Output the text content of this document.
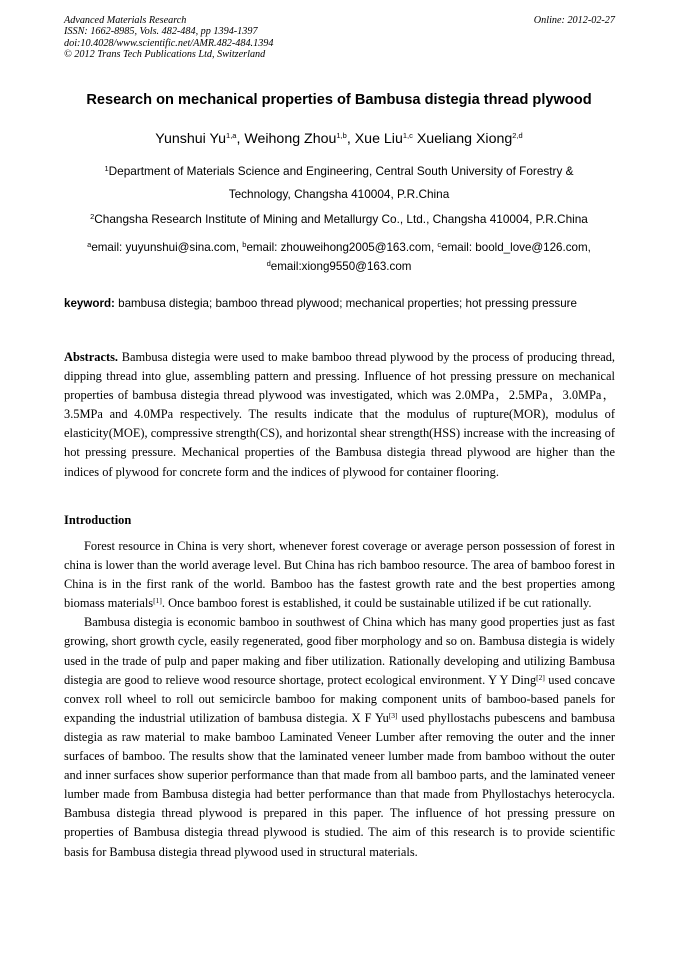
Advanced Materials Research
ISSN: 1662-8985, Vols. 482-484, pp 1394-1397
doi:10.4028/www.scientific.net/AMR.482-484.1394
© 2012 Trans Tech Publications Ltd, Switzerland
Online: 2012-02-27
Research on mechanical properties of Bambusa distegia thread plywood
Yunshui Yu$^{1,a}$, Weihong Zhou$^{1,b}$, Xue Liu$^{1,c}$ Xueliang Xiong$^{2,d}$
$^1$Department of Materials Science and Engineering, Central South University of Forestry &
Technology, Changsha 410004, P.R.China
$^2$Changsha Research Institute of Mining and Metallurgy Co., Ltd., Changsha 410004, P.R.China
$^a$email: yuyunshui@sina.com, $^b$email: zhouweihong2005@163.com, $^c$email: boold_love@126.com,
$^d$email:xiong9550@163.com
keyword: bambusa distegia; bamboo thread plywood; mechanical properties; hot pressing pressure
Abstracts. Bambusa distegia were used to make bamboo thread plywood by the process of producing thread, dipping thread into glue, assembling pattern and pressing. Influence of hot pressing pressure on mechanical properties of bambusa distegia thread plywood was investigated, which was 2.0MPa，2.5MPa，3.0MPa，3.5MPa and 4.0MPa respectively. The results indicate that the modulus of rupture(MOR), modulus of elasticity(MOE), compressive strength(CS), and horizontal shear strength(HSS) increase with the increasing of hot pressing pressure. Mechanical properties of the Bambusa distegia thread plywood are higher than the indices of plywood for concrete form and the indices of plywood for container flooring.
Introduction

Forest resource in China is very short, whenever forest coverage or average person possession of forest in china is lower than the world average level. But China has rich bamboo resource. The area of bamboo forest in China is in the first rank of the world. Bamboo has the fastest growth rate and the best properties among biomass materials[1]. Once bamboo forest is established, it could be sustainable utilized if be cut rationally.

Bambusa distegia is economic bamboo in southwest of China which has many good properties just as fast growing, short growth cycle, easily regenerated, good fiber morphology and so on. Bambusa distegia is widely used in the trade of pulp and paper making and fiber utilization. Rationally developing and utilizing Bambusa distegia are good to relieve wood resource shortage, protect ecological environment. Y Y Ding[2] used concave convex roll wheel to roll out semicircle bamboo for making component units of bamboo-based panels for expanding the industrial utilization of bambusa distegia. X F Yu[3] used phyllostachs pubescens and bambusa distegia as raw material to make bamboo Laminated Veneer Lumber after removing the outer and the inner surfaces of bamboo. The results show that the laminated veneer lumber made from bamboo without the outer and inner surfaces show superior performance than that made from all bamboo parts, and the laminated veneer lumber made from Bambusa distegia had better performance than that made from Phyllostachys heterocycla. Bambusa distegia thread plywood is prepared in this paper. The influence of hot pressing pressure on properties of Bambusa distegia thread plywood is studied. The aim of this research is to provide scientific basis for Bambusa distegia thread plywood used in structural materials.
